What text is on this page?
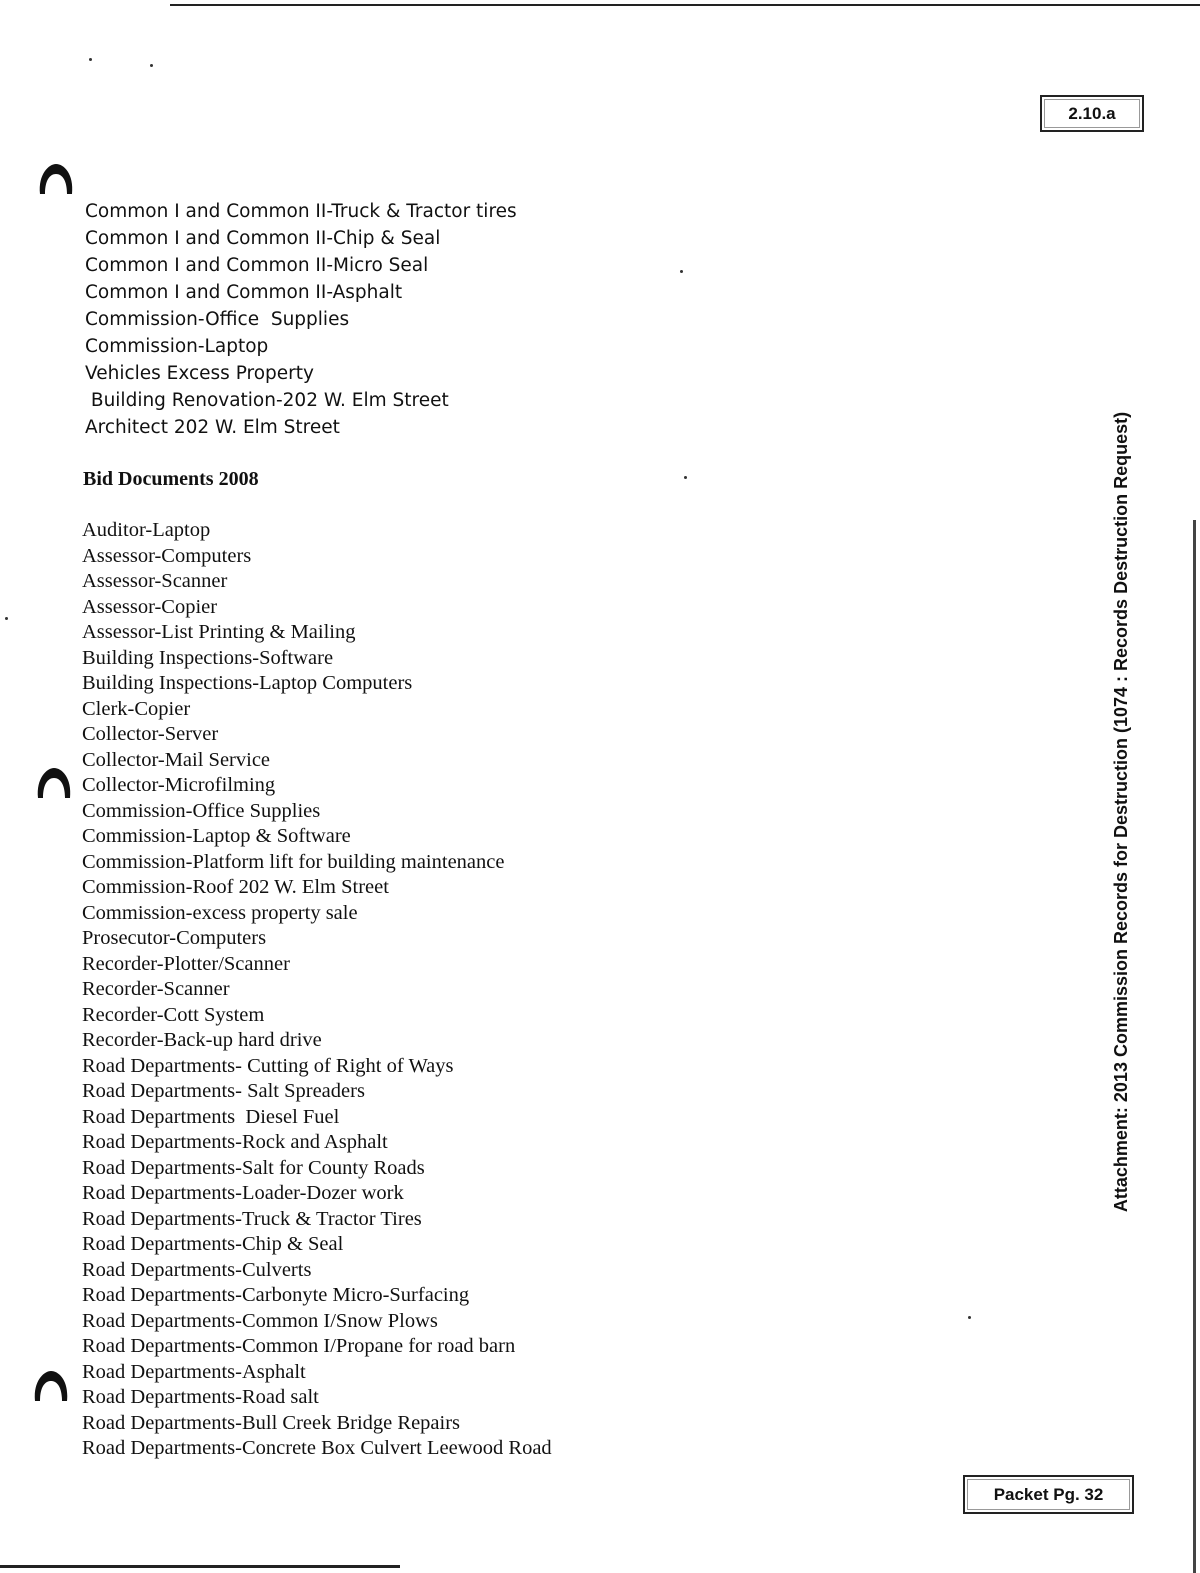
2.10.a
Common I and Common II-Truck & Tractor tires
Common I and Common II-Chip & Seal
Common I and Common II-Micro Seal
Common I and Common II-Asphalt
Commission-Office  Supplies
Commission-Laptop
Vehicles Excess Property
Building Renovation-202 W. Elm Street
Architect 202 W. Elm Street
Bid Documents 2008
Auditor-Laptop
Assessor-Computers
Assessor-Scanner
Assessor-Copier
Assessor-List Printing & Mailing
Building Inspections-Software
Building Inspections-Laptop Computers
Clerk-Copier
Collector-Server
Collector-Mail Service
Collector-Microfilming
Commission-Office Supplies
Commission-Laptop & Software
Commission-Platform lift for building maintenance
Commission-Roof 202 W. Elm Street
Commission-excess property sale
Prosecutor-Computers
Recorder-Plotter/Scanner
Recorder-Scanner
Recorder-Cott System
Recorder-Back-up hard drive
Road Departments- Cutting of Right of Ways
Road Departments- Salt Spreaders
Road Departments  Diesel Fuel
Road Departments-Rock and Asphalt
Road Departments-Salt for County Roads
Road Departments-Loader-Dozer work
Road Departments-Truck & Tractor Tires
Road Departments-Chip & Seal
Road Departments-Culverts
Road Departments-Carbonyte Micro-Surfacing
Road Departments-Common I/Snow Plows
Road Departments-Common I/Propane for road barn
Road Departments-Asphalt
Road Departments-Road salt
Road Departments-Bull Creek Bridge Repairs
Road Departments-Concrete Box Culvert Leewood Road
Attachment: 2013 Commission Records for Destruction (1074 : Records Destruction Request)
Packet Pg. 32
